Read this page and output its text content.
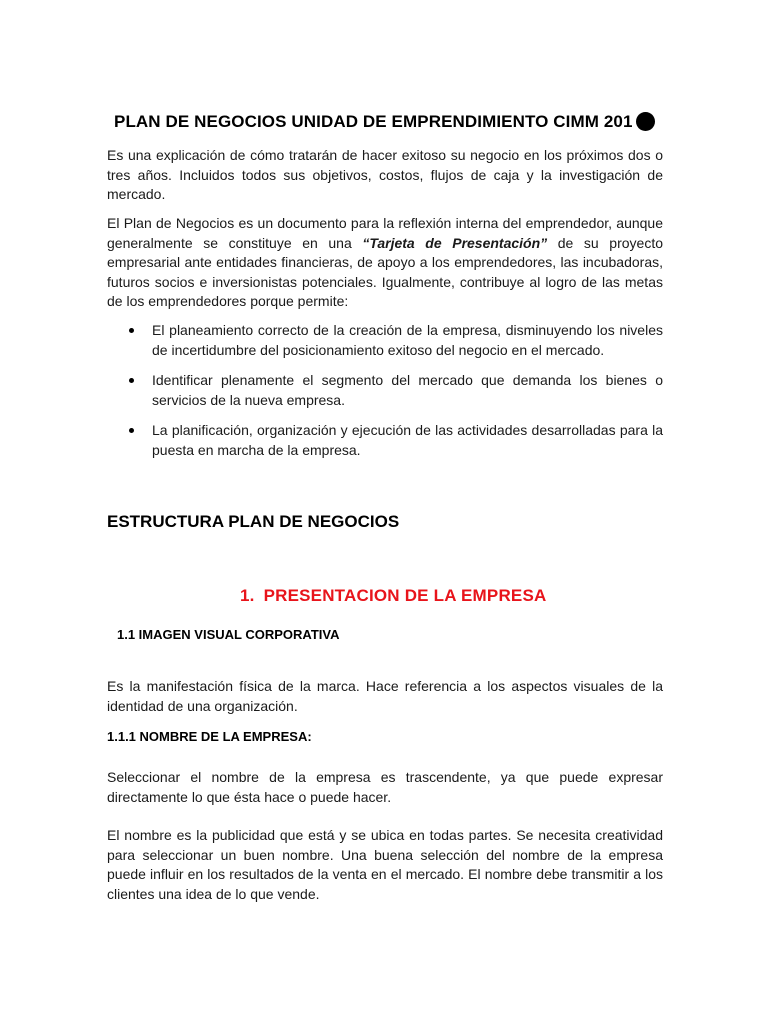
PLAN DE NEGOCIOS UNIDAD DE EMPRENDIMIENTO CIMM 201
Es una explicación de cómo tratarán de hacer exitoso su negocio en los próximos dos o tres años. Incluidos todos sus objetivos, costos, flujos de caja y la investigación de mercado.
El Plan de Negocios es un documento para la reflexión interna del emprendedor, aunque generalmente se constituye en una “Tarjeta de Presentación” de su proyecto empresarial ante entidades financieras, de apoyo a los emprendedores, las incubadoras, futuros socios e inversionistas potenciales. Igualmente, contribuye al logro de las metas de los emprendedores porque permite:
El planeamiento correcto de la creación de la empresa, disminuyendo los niveles de incertidumbre del posicionamiento exitoso del negocio en el mercado.
Identificar plenamente el segmento del mercado que demanda los bienes o servicios de la nueva empresa.
La planificación, organización y ejecución de las actividades desarrolladas para la puesta en marcha de la empresa.
ESTRUCTURA PLAN DE NEGOCIOS
1. PRESENTACION DE LA EMPRESA
1.1 IMAGEN VISUAL CORPORATIVA
Es la manifestación física de la marca. Hace referencia a los aspectos visuales de la identidad de una organización.
1.1.1 NOMBRE DE LA EMPRESA:
Seleccionar el nombre de la empresa es trascendente, ya que puede expresar directamente lo que ésta hace o puede hacer.
El nombre es la publicidad que está y se ubica en todas partes. Se necesita creatividad para seleccionar un buen nombre. Una buena selección del nombre de la empresa puede influir en los resultados de la venta en el mercado. El nombre debe transmitir a los clientes una idea de lo que vende.
